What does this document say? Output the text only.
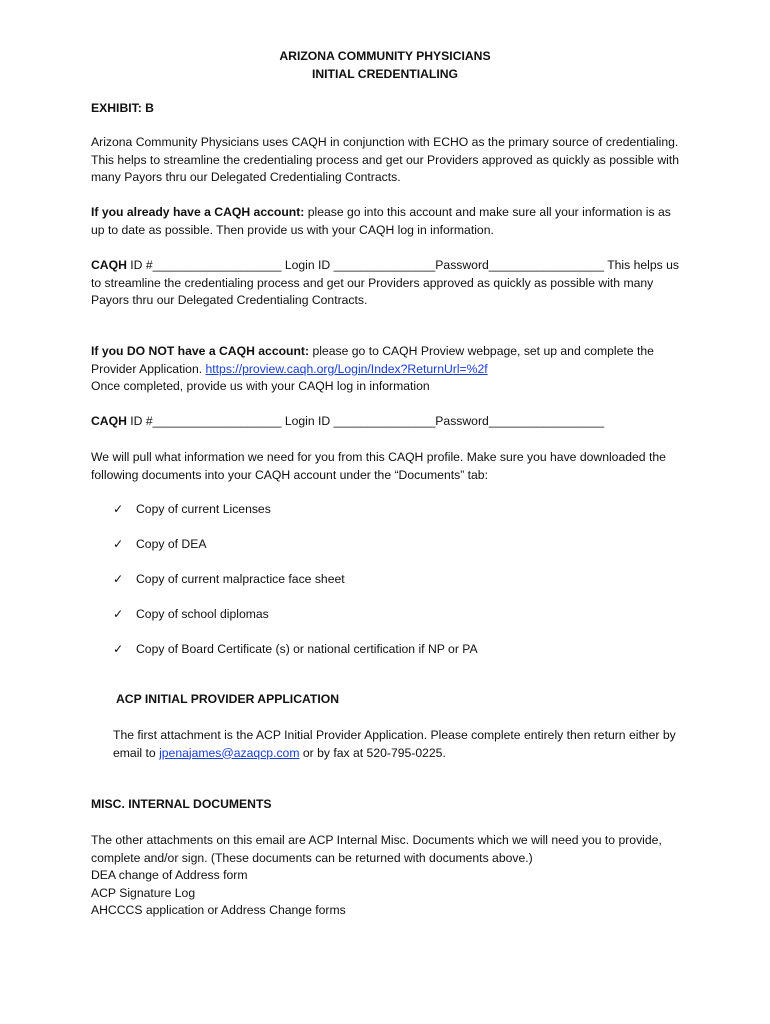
ARIZONA COMMUNITY PHYSICIANS
INITIAL CREDENTIALING

EXHIBIT: B

Arizona Community Physicians uses CAQH in conjunction with ECHO as the primary source of credentialing. This helps to streamline the credentialing process and get our Providers approved as quickly as possible with many Payors thru our Delegated Credentialing Contracts.

If you already have a CAQH account: please go into this account and make sure all your information is as up to date as possible. Then provide us with your CAQH log in information.

CAQH ID #___________________ Login ID _______________Password_________________ This helps us to streamline the credentialing process and get our Providers approved as quickly as possible with many Payors thru our Delegated Credentialing Contracts.

If you DO NOT have a CAQH account: please go to CAQH Proview webpage, set up and complete the Provider Application. https://proview.caqh.org/Login/Index?ReturnUrl=%2f
Once completed, provide us with your CAQH log in information

CAQH ID #___________________ Login ID _______________Password_________________

We will pull what information we need for you from this CAQH profile. Make sure you have downloaded the following documents into your CAQH account under the “Documents” tab:

✓ Copy of current Licenses
✓ Copy of DEA
✓ Copy of current malpractice face sheet
✓ Copy of school diplomas
✓ Copy of Board Certificate (s) or national certification if NP or PA

ACP INITIAL PROVIDER APPLICATION

The first attachment is the ACP Initial Provider Application. Please complete entirely then return either by email to jpenajames@azaqcp.com or by fax at 520-795-0225.

MISC. INTERNAL DOCUMENTS

The other attachments on this email are ACP Internal Misc. Documents which we will need you to provide, complete and/or sign. (These documents can be returned with documents above.)
DEA change of Address form
ACP Signature Log
AHCCCS application or Address Change forms
